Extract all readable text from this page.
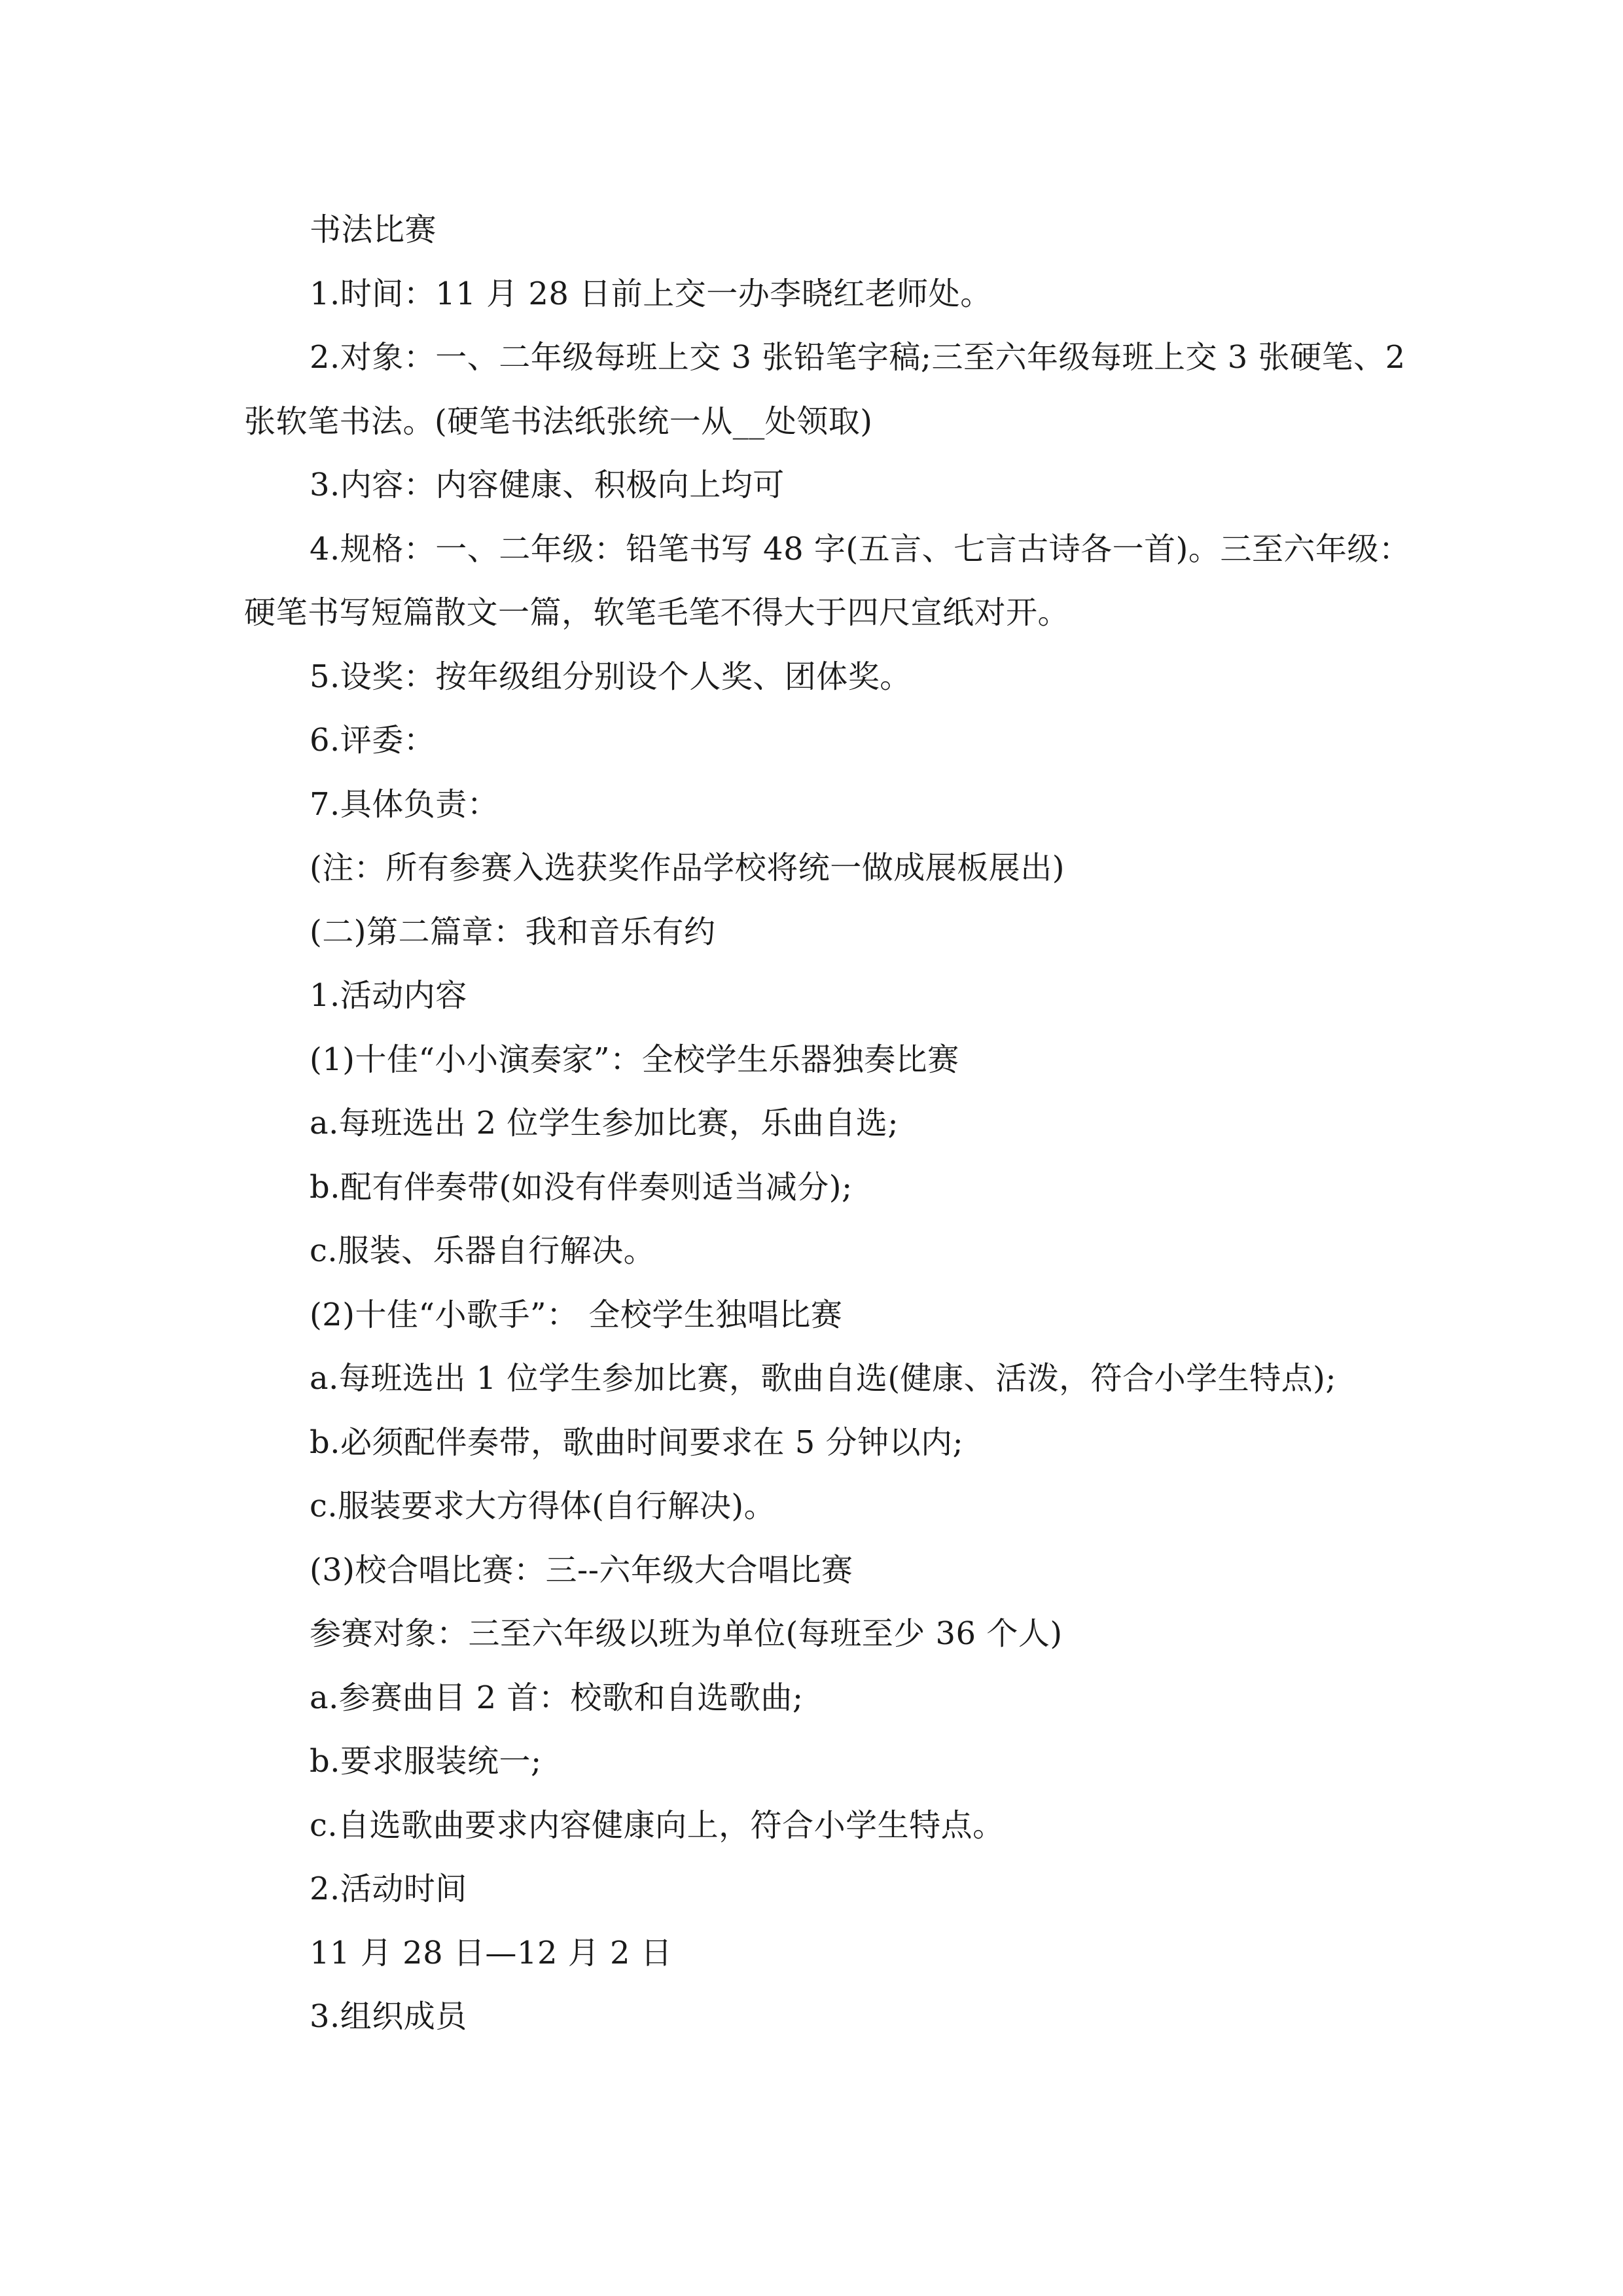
书法比赛
1.时间：11 月 28 日前上交一办李晓红老师处。

2.对象：一、二年级每班上交 3 张铅笔字稿;三至六年级每班上交 3 张硬笔、2 张软笔书法。(硬笔书法纸张统一从__处领取)

3.内容：内容健康、积极向上均可

4.规格：一、二年级：铅笔书写 48 字(五言、七言古诗各一首)。三至六年级：硬笔书写短篇散文一篇，软笔毛笔不得大于四尺宣纸对开。

5.设奖：按年级组分别设个人奖、团体奖。
6.评委：
7.具体负责：
(注：所有参赛入选获奖作品学校将统一做成展板展出)
(二)第二篇章：我和音乐有约
1.活动内容
(1)十佳“小小演奏家”：全校学生乐器独奏比赛
a.每班选出 2 位学生参加比赛，乐曲自选;
b.配有伴奏带(如没有伴奏则适当减分);
c.服装、乐器自行解决。
(2)十佳“小歌手”： 全校学生独唱比赛
a.每班选出 1 位学生参加比赛，歌曲自选(健康、活泼，符合小学生特点);
b.必须配伴奏带，歌曲时间要求在 5 分钟以内;
c.服装要求大方得体(自行解决)。
(3)校合唱比赛：三--六年级大合唱比赛
参赛对象：三至六年级以班为单位(每班至少 36 个人)
a.参赛曲目 2 首：校歌和自选歌曲;
b.要求服装统一;
c.自选歌曲要求内容健康向上，符合小学生特点。
2.活动时间
11 月 28 日—12 月 2 日
3.组织成员
